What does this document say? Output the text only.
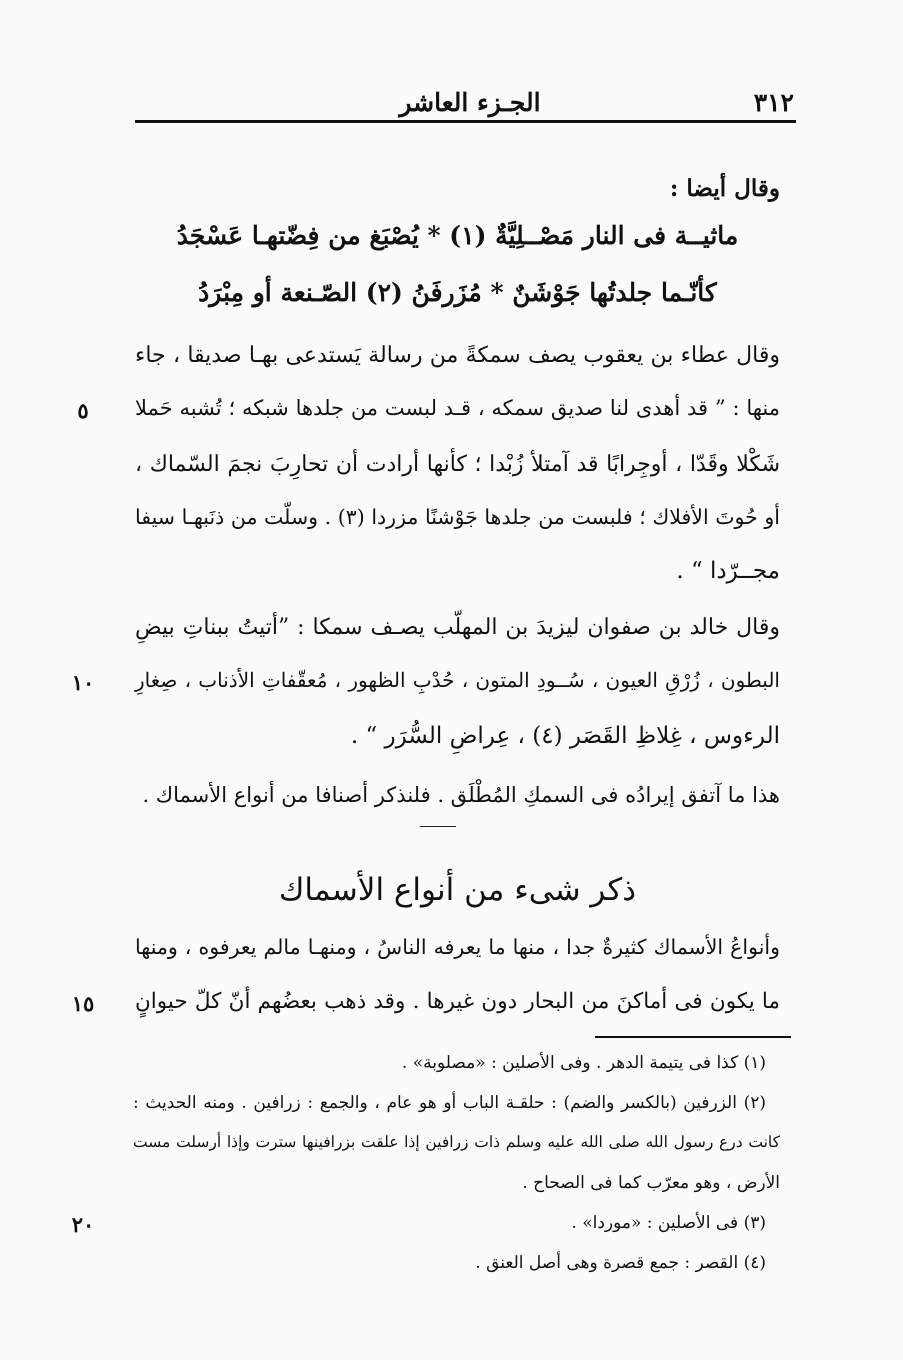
الجـزء العاشر	٣١٢
وقال أيضا :
ماثيــة فى النار مَصْــلِيَّةٌ (١) * يُصْبَغ من فِضّتهـا عَسْجَدُ
كأنّـما جلدتُها جَوْشَنٌ * مُزَرفَنُ (٢) الصّـنعة أو مِبْرَدُ
وقال عطاء بن يعقوب يصف سمكةً من رسالة يَستدعى بهـا صديقا ، جاء
منها : ” قد أهدى لنا صديق سمكه ، قـد لبست من جلدها شبكه ؛ تُشبه حَملا
شَكْلا وقَدّا ، أوجِرابًا قد آمتلأ زُبْدا ؛ كأنها أرادت أن تحارِبَ نجمَ السّماك ،
أو حُوتَ الأفلاك ؛ فلبست من جلدها جَوْشنًا مزردا (٣) . وسلّت من ذنَبهـا سيفا
مجــرّدا “ .
وقال خالد بن صفوان ليزيدَ بن المهلّب يصـف سمكا : ”أتيتُ ببناتِ بيضِ
البطون ، زُرْقِ العيون ، سُــودِ المتون ، حُدْبِ الظهور ، مُعقّفاتِ الأذناب ، صِغارِ
الرءوس ، غِلاظِ القَصَر (٤) ، عِراضِ السُّرَر “ .
هذا ما آتفق إيرادُه فى السمكِ المُطْلَق . فلنذكر أصنافا من أنواع الأسماك .
ذكر شىء من أنواع الأسماك
وأنواعُ الأسماك كثيرةٌ جدا ، منها ما يعرفه الناسُ ، ومنهـا مالم يعرفوه ، ومنها
ما يكون فى أماكنَ من البحار دون غيرها . وقد ذهب بعضُهم أنّ كلّ حيوانٍ
٥
١٠
١٥
٢٠
(١) كذا فى يتيمة الدهر . وفى الأصلين : «مصلوبة» .
(٢) الزرفين (بالكسر والضم) : حلقـة الباب أو هو عام ، والجمع : زرافين . ومنه الحديث :
كانت درع رسول الله صلى الله عليه وسلم ذات زرافين إذا علقت بزرافينها سترت وإذا أرسلت مست
الأرض ، وهو معرّب كما فى الصحاح .
(٣) فى الأصلين : «موردا» .
(٤) القصر : جمع قصرة وهى أصل العنق .
